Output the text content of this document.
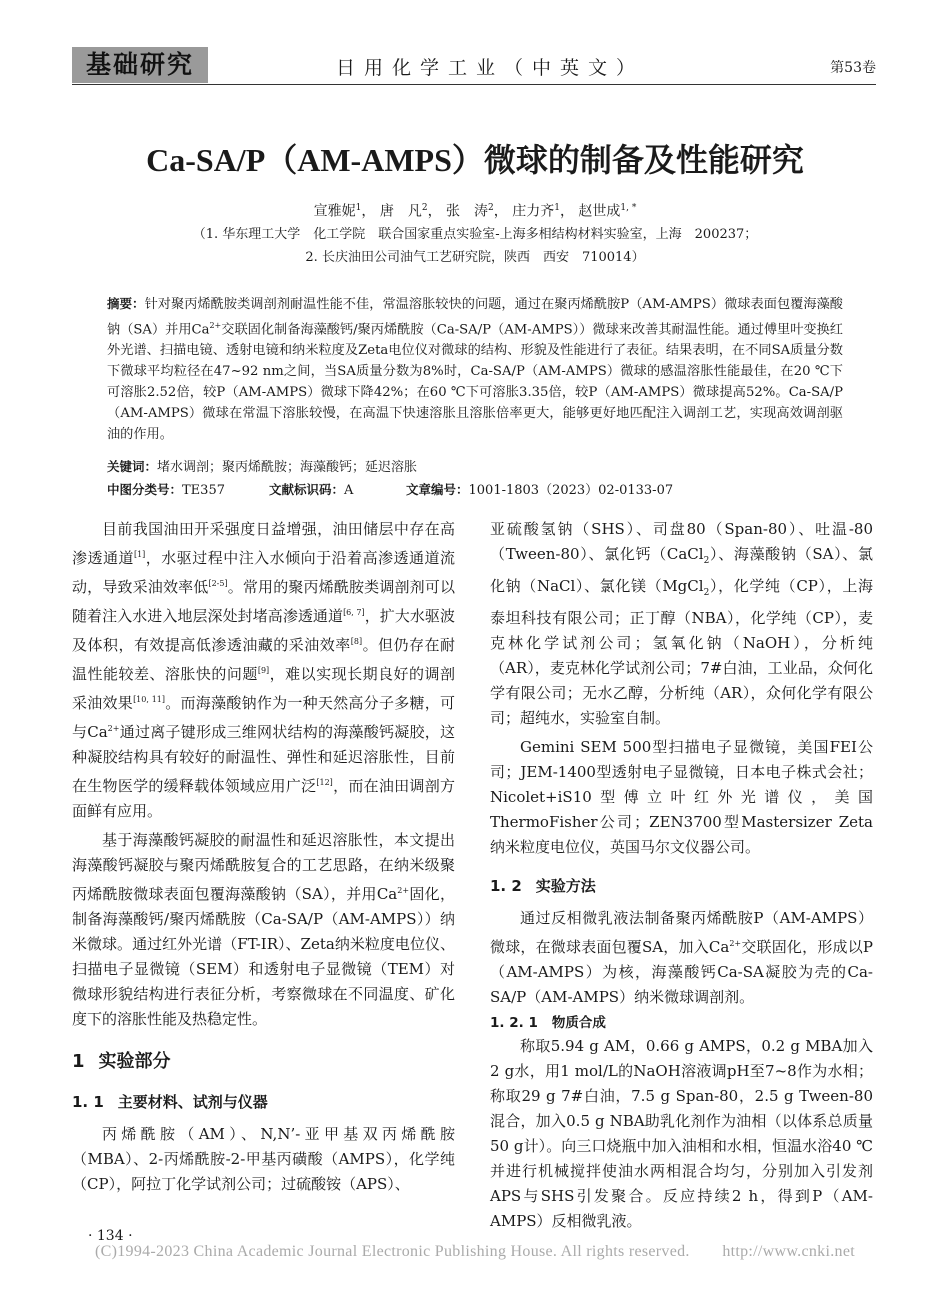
基础研究	日用化学工业（中英文）	第53卷
Ca-SA/P（AM-AMPS）微球的制备及性能研究
宣雅妮$^1$， 唐　凡$^2$， 张　涛$^2$， 庄力齐$^1$， 赵世成$^{1, *}$
（1. 华东理工大学　化工学院　联合国家重点实验室-上海多相结构材料实验室，上海　200237；
2. 长庆油田公司油气工艺研究院，陕西　西安　710014）
摘要：针对聚丙烯酰胺类调剖剂耐温性能不佳，常温溶胀较快的问题，通过在聚丙烯酰胺P（AM-AMPS）微球表面包覆海藻酸钠（SA）并用$Ca^{2+}$交联固化制备海藻酸钙/聚丙烯酰胺（Ca-SA/P（AM-AMPS））微球来改善其耐温性能。通过傅里叶变换红外光谱、扫描电镜、透射电镜和纳米粒度及Zeta电位仪对微球的结构、形貌及性能进行了表征。结果表明，在不同SA质量分数下微球平均粒径在47~92 nm之间，当SA质量分数为8%时，Ca-SA/P（AM-AMPS）微球的感温溶胀性能最佳，在20 ℃下可溶胀2.52倍，较P（AM-AMPS）微球下降42%；在60 ℃下可溶胀3.35倍，较P（AM-AMPS）微球提高52%。Ca-SA/P（AM-AMPS）微球在常温下溶胀较慢，在高温下快速溶胀且溶胀倍率更大，能够更好地匹配注入调剖工艺，实现高效调剖驱油的作用。
关键词：堵水调剖；聚丙烯酰胺；海藻酸钙；延迟溶胀
中图分类号：TE357	文献标识码：A	文章编号：1001-1803（2023）02-0133-07

目前我国油田开采强度日益增强，油田储层中存在高渗透通道[1]，水驱过程中注入水倾向于沿着高渗透通道流动，导致采油效率低[2-5]。常用的聚丙烯酰胺类调剖剂可以随着注入水进入地层深处封堵高渗透通道[6, 7]，扩大水驱波及体积，有效提高低渗透油藏的采油效率[8]。但仍存在耐温性能较差、溶胀快的问题[9]，难以实现长期良好的调剖采油效果[10, 11]。而海藻酸钠作为一种天然高分子多糖，可与$Ca^{2+}$通过离子键形成三维网状结构的海藻酸钙凝胶，这种凝胶结构具有较好的耐温性、弹性和延迟溶胀性，目前在生物医学的缓释载体领域应用广泛[12]，而在油田调剖方面鲜有应用。

基于海藻酸钙凝胶的耐温性和延迟溶胀性，本文提出海藻酸钙凝胶与聚丙烯酰胺复合的工艺思路，在纳米级聚丙烯酰胺微球表面包覆海藻酸钠（SA），并用$Ca^{2+}$固化，制备海藻酸钙/聚丙烯酰胺（Ca-SA/P（AM-AMPS））纳米微球。通过红外光谱（FT-IR）、Zeta纳米粒度电位仪、扫描电子显微镜（SEM）和透射电子显微镜（TEM）对微球形貌结构进行表征分析，考察微球在不同温度、矿化度下的溶胀性能及热稳定性。

1 实验部分
1. 1 主要材料、试剂与仪器

丙烯酰胺（AM）、N,N’-亚甲基双丙烯酰胺（MBA）、2-丙烯酰胺-2-甲基丙磺酸（AMPS），化学纯（CP），阿拉丁化学试剂公司；过硫酸铵（APS）、

亚硫酸氢钠（SHS）、司盘80（Span-80）、吐温-80（Tween-80）、氯化钙（CaCl$_2$）、海藻酸钠（SA）、氯化钠（NaCl）、氯化镁（MgCl$_2$），化学纯（CP），上海泰坦科技有限公司；正丁醇（NBA），化学纯（CP），麦克林化学试剂公司；氢氧化钠（NaOH），分析纯（AR），麦克林化学试剂公司；7#白油，工业品，众何化学有限公司；无水乙醇，分析纯（AR），众何化学有限公司；超纯水，实验室自制。

Gemini SEM 500型扫描电子显微镜，美国FEI公司；JEM-1400型透射电子显微镜，日本电子株式会社；Nicolet+iS10型傅立叶红外光谱仪，美国ThermoFisher公司；ZEN3700型Mastersizer Zeta纳米粒度电位仪，英国马尔文仪器公司。

1. 2 实验方法

通过反相微乳液法制备聚丙烯酰胺P（AM-AMPS）微球，在微球表面包覆SA，加入$Ca^{2+}$交联固化，形成以P（AM-AMPS）为核，海藻酸钙Ca-SA凝胶为壳的Ca-SA/P（AM-AMPS）纳米微球调剖剂。

1. 2. 1 物质合成

称取5.94 g AM，0.66 g AMPS，0.2 g MBA加入2 g水，用1 mol/L的NaOH溶液调pH至7~8作为水相；称取29 g 7#白油，7.5 g Span-80，2.5 g Tween-80混合，加入0.5 g NBA助乳化剂作为油相（以体系总质量50 g计）。向三口烧瓶中加入油相和水相，恒温水浴40 ℃并进行机械搅拌使油水两相混合均匀，分别加入引发剂APS与SHS引发聚合。反应持续2 h，得到P（AM-AMPS）反相微乳液。

· 134 ·
(C)1994-2023 China Academic Journal Electronic Publishing House. All rights reserved.　　http://www.cnki.net
